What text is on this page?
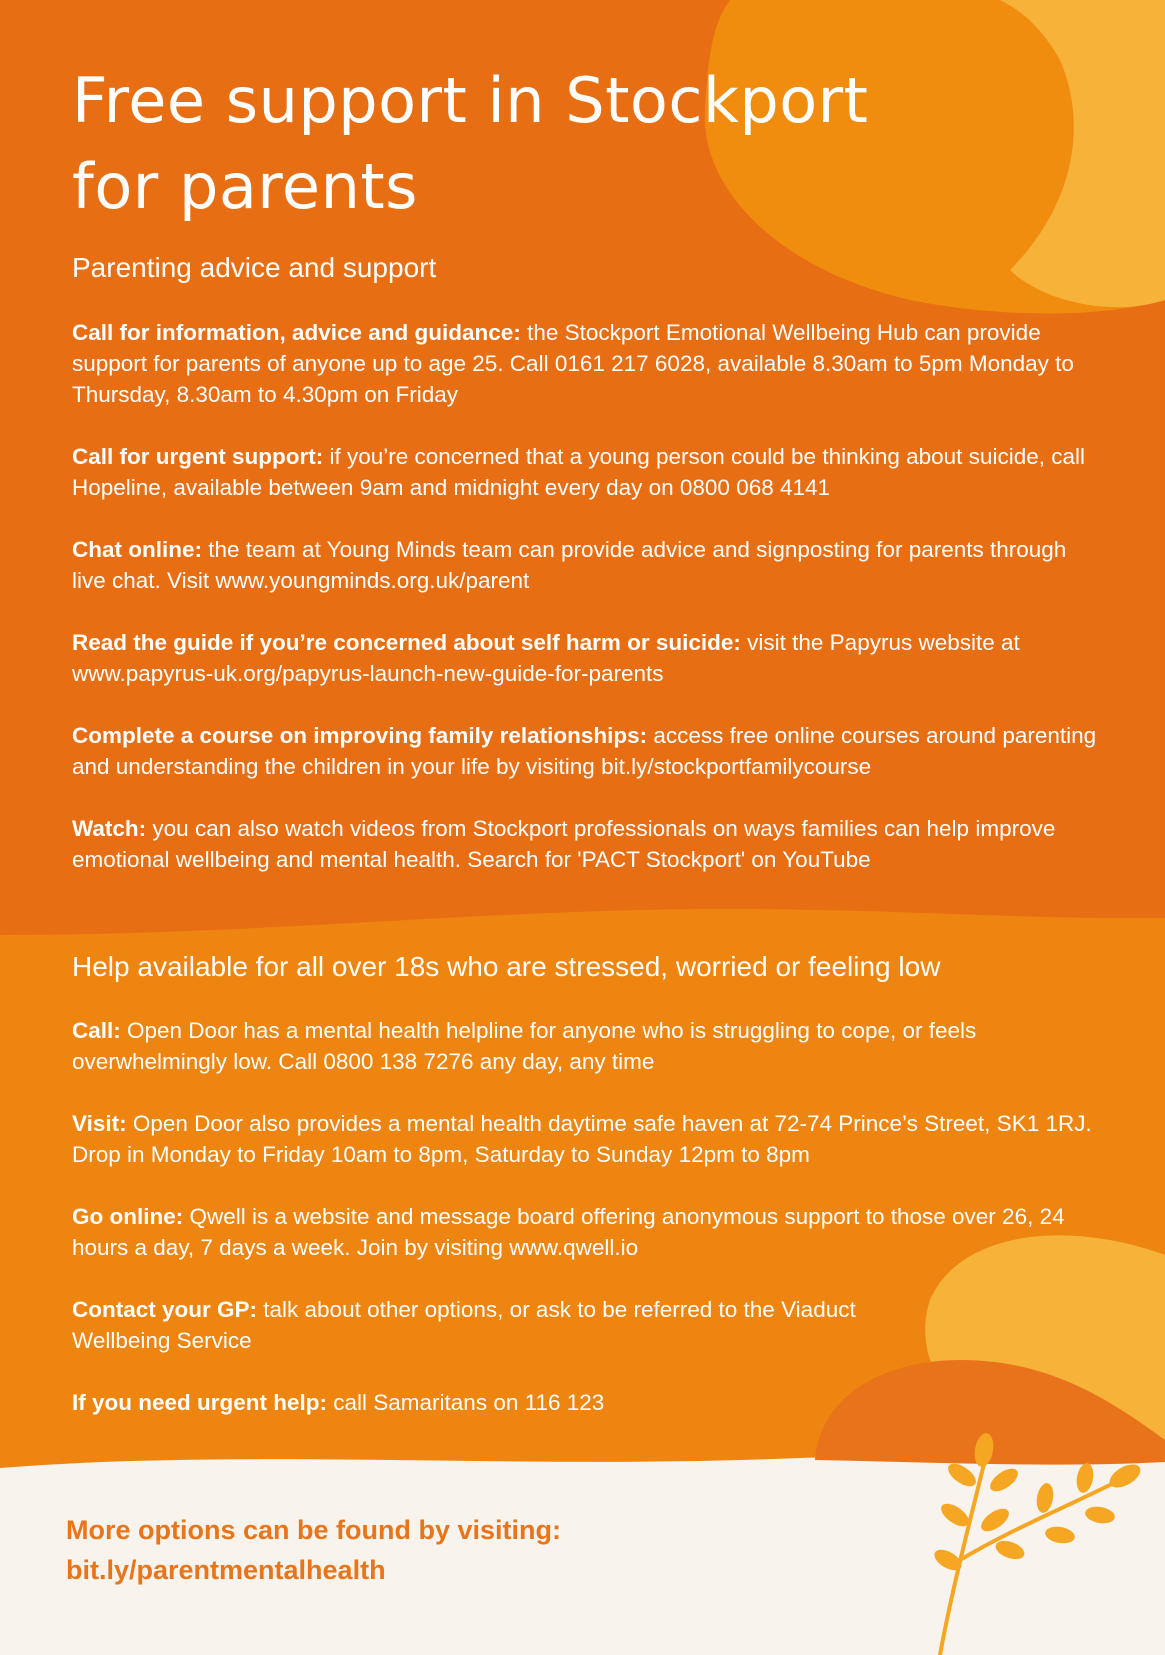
Free support in Stockport
for parents
Parenting advice and support
Call for information, advice and guidance: the Stockport Emotional Wellbeing Hub can provide support for parents of anyone up to age 25. Call 0161 217 6028, available 8.30am to 5pm Monday to Thursday, 8.30am to 4.30pm on Friday
Call for urgent support: if you’re concerned that a young person could be thinking about suicide, call Hopeline, available between 9am and midnight every day on 0800 068 4141
Chat online: the team at Young Minds team can provide advice and signposting for parents through live chat. Visit www.youngminds.org.uk/parent
Read the guide if you’re concerned about self harm or suicide: visit the Papyrus website at www.papyrus-uk.org/papyrus-launch-new-guide-for-parents
Complete a course on improving family relationships: access free online courses around parenting and understanding the children in your life by visiting bit.ly/stockportfamilycourse
Watch: you can also watch videos from Stockport professionals on ways families can help improve emotional wellbeing and mental health. Search for 'PACT Stockport' on YouTube
Help available for all over 18s who are stressed, worried or feeling low
Call: Open Door has a mental health helpline for anyone who is struggling to cope, or feels overwhelmingly low. Call 0800 138 7276 any day, any time
Visit: Open Door also provides a mental health daytime safe haven at 72-74 Prince’s Street, SK1 1RJ. Drop in Monday to Friday 10am to 8pm, Saturday to Sunday 12pm to 8pm
Go online: Qwell is a website and message board offering anonymous support to those over 26, 24 hours a day, 7 days a week. Join by visiting www.qwell.io
Contact your GP: talk about other options, or ask to be referred to the Viaduct Wellbeing Service
If you need urgent help: call Samaritans on 116 123
More options can be found by visiting:
bit.ly/parentmentalhealth
